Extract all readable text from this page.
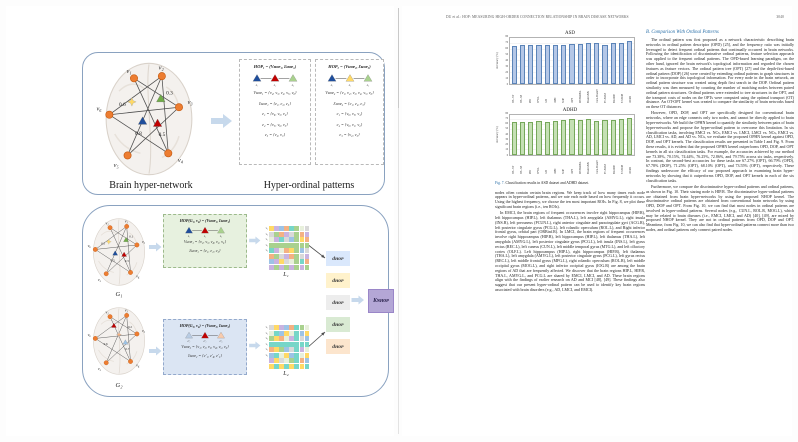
v₁	v₂
v₃
v₄
v₅
v₆
0.6
0.3
0.8	0.5
HOP₁ = (Vʜᴏᴘ₁, Ɛʜᴏᴘ₁)
e₁	e₂	e₃
Vʜᴏᴘ₁ = {v₂, v₃, v₄, v₅, v₆}
Ɛʜᴏᴘ₁ = {e₁, e₂, e₃}
e₁ = {v₆, v₅, v₄}
e₂ = {v₅, v₆, v₃}
e₃ = {v₂, v₃}
HOP₂ = (Vʜᴏᴘ₂, Ɛʜᴏᴘ₂)
e₁	e₄	e₃
Vʜᴏᴘ₂ = {v₁, v₂, v₃, v₄, v₅, v₆}
Ɛʜᴏᴘ₂ = {e₁, e₄, e₃}
e₁ = {v₆, v₅, v₄}
e₄ = {v₆, v₁, v₂}
e₃ = {v₂, v₃}
Brain hyper-network	Hyper-ordinal patterns
v₁	v₂
v₃
v₄
v₅
v₆
0.5
0.1
0.5 0.3
G₁
v₁	v₂
v₃
v₄
v₅
v₆
0.2
0.6
0.7
G₂
HOP(G₁, v₆) = (Vʜᴏᴘ₁, Ɛʜᴏᴘ₁)
e₁	e₂	e₃
Vʜᴏᴘ₁ = {v₂, v₃, v₄, v₅, v₆}
Ɛʜᴏᴘ₁ = {e₁, e₂, e₃}
HOP(G₂, v₆) = (Vʜᴏᴘ₂, Ɛʜᴏᴘ₂)
e′₁	e′₄	e′₃
Vʜᴏᴘ₂ = {v₁, v₂, v₃, v₄, v₅, v₆}
Ɛʜᴏᴘ₂ = {e′₁, e′₄, e′₃}
v₂
v₃
v₄
v₅
v₆
L₁
v₁
v₂
v₃
v₄
v₅
v₆
L₂
dʜᴏᴘ
dʜᴏᴘ
dʜᴏᴘ
dʜᴏᴘ
dʜᴏᴘ
Kɴʜᴏᴘ
DU et al.: HOP: MEASURING HIGH-ORDER CONNECTION RELATIONSHIP IN BRAIN DISEASE NETWORKS	3040
ASD
Accuracy (%)
0
10
20
30
40
50
60
70
80
WL-ST WL-SP RW WWL GH OPD SOP OPT DSTKRNL BrainGNN Com-BrainT FC-MAT BLODE T-SHOP OURS
ADHD
Accuracy (%)
0
10
20
30
40
50
60
70
80
WL-ST WL-SP RW WWL GH OPD SOP OPT DSTKRNL BrainGNN Com-BrainT FC-MAT BLODE T-SHOP OURS
Fig. 7. Classification results in ASD dataset and ADHD dataset.

nodes often contain certain brain regions. We keep track of how many times each node appears in hyper-ordinal patterns, and we rate each node based on how frequently it occurs. Using the highest frequency, we choose the ten most important ROIs. In Fig. 8, we plot these significant brain regions (i.e., ten ROIs).

In EMCI, the brain regions of frequent occurrences involve right hippocampus (HIP.R), left hippocampus (HIP.L), left thalamus (THA.L), left amygdala (AMYG.L), right insula (INS.R), left precuneus (PCUN.L), right anterior cingulate and paracingulate gyri (ACG.R), left posterior cingulate gyrus (PCG.L), left rolandic operculum (ROL.L), and Right inferior frontal gyrus, orbital part (ORBinf.R). In LMCI, the brain regions of frequent occurrences involve right hippocampus (HIP.R), left hippocampus (HIP.L), left thalamus (THA.L), left amygdala (AMYG.L), left posterior cingulate gyrus (PCG.L), left insula (INS.L), left gyrus rectus (REC.L), left cuneus (CUN.L), left middle temporal gyrus (MTG.L), and left olfactory cortex (OLF.L). Left hippocampus (HIP.L), right hippocampus (HIP.R), left thalamus (THA.L), left amygdala (AMYG.L), left posterior cingulate gyrus (PCG.L), left gyrus rectus (REC.L), left middle frontal gyrus (MFG.L), right rolandic operculum (ROL.R), left middle occipital gyrus (MOG.L), and right inferior occipital gyrus (IOG.R) are among the brain regions of AD that are frequently affected. We discover that the brain regions HIP.L, HIP.R, THA.L, AMYG.L, and PCG.L are shared by EMCI, LMCI, and AD. These brain regions align with the findings of earlier research on AD and MCI [48], [49]. These findings also suggest that our present hyper-ordinal pattern can be used to identify key brain regions associated with brain disorders (e.g., AD, LMCI, and EMCI).

B. Comparison With Ordinal Patterns

The ordinal pattern was first proposed as a network characteristic describing brain networks in ordinal pattern descriptor (OPD) [25], and the frequency ratio was initially leveraged to detect frequent ordinal patterns that continually occurred in brain networks. Following the identification of discriminative ordinal patterns, feature selection approach was applied to the frequent ordinal patterns. The OPD-based learning paradigm, on the other hand, ignored the brain network's topological information and regarded the chosen features as feature vectors. The ordinal pattern tree (OPT) [27] and the depth-first-based ordinal pattern (DOP) [26] were created by extending ordinal patterns to graph structures in order to incorporate this topological information. For every node in the brain network, an ordinal pattern structure was created using depth first search in the DOP. Ordinal pattern similarity was then measured by counting the number of matching nodes between paired ordinal pattern structures. Ordinal patterns were extended to tree structures in the OPT, and the transport costs of nodes on the OPTs were computed using the optimal transport (OT) distance. An OT-OPT kernel was created to compare the similarity of brain networks based on these OT distances.

However, OPD, DOP, and OPT are specifically designed for conventional brain networks, where an edge connects only two nodes, and cannot be directly applied to brain hyper-networks. We build the OPHN kernel to quantify the similarity between pairs of brain hyper-networks and propose the hyper-ordinal pattern to overcome this limitation. In six classification tasks, involving EMCI vs. NCs, EMCI vs. LMCI, LMCI vs. NCs, EMCI vs. AD, LMCI vs. AD, and AD vs. NCs, we evaluate the proposed OPHN kernel against OPD, DOP, and OPT kernels. The classification results are presented in Table I and Fig. 9. From these results, it is evident that the proposed OPHN kernel outperforms OPD, DOP, and OPT kernels in all six classification tasks. For example, the accuracies achieved by our method are 73.38%, 70.15%, 74.44%, 76.25%, 72.86%, and 79.75% across six tasks, respectively. In contrast, the second-best accuracies for these tasks are 67.27% (OPT), 66.79% (OPD), 67.78% (DOP), 71.25% (OPT), 68.10% (OPT), and 73.55% (OPT), respectively. These findings underscore the efficacy of our proposed approach in examining brain hyper-networks by showing that it outperforms OPD, DOP, and OPT kernels in each of the six classification tasks.

Furthermore, we compare the discriminative hyper-ordinal patterns and ordinal patterns, as shown in Fig. 10. Their staring node is HIP.R. The discriminative hyper-ordinal patterns are obtained from brain hyper-networks by using the proposed NHOP kernel. The discriminative ordinal patterns are obtained from conventional brain networks by using OPD, DOP and OPT. From Fig. 10, we can find that most nodes in ordinal patterns are involved in hyper-ordinal patterns. Several nodes (e.g., CUN.L, ROL.R, MOG.L), which may be related to brain diseases (i.e., EMCI, LMCI, and AD) [40], [49], are mixed by proposed NHOP kernel. They are not in ordinal patterns from OPD, DOP and OPT. Meantime, from Fig. 10, we can also find that hyper-ordinal patterns connect more than two nodes, and ordinal patterns only connect paired nodes.
